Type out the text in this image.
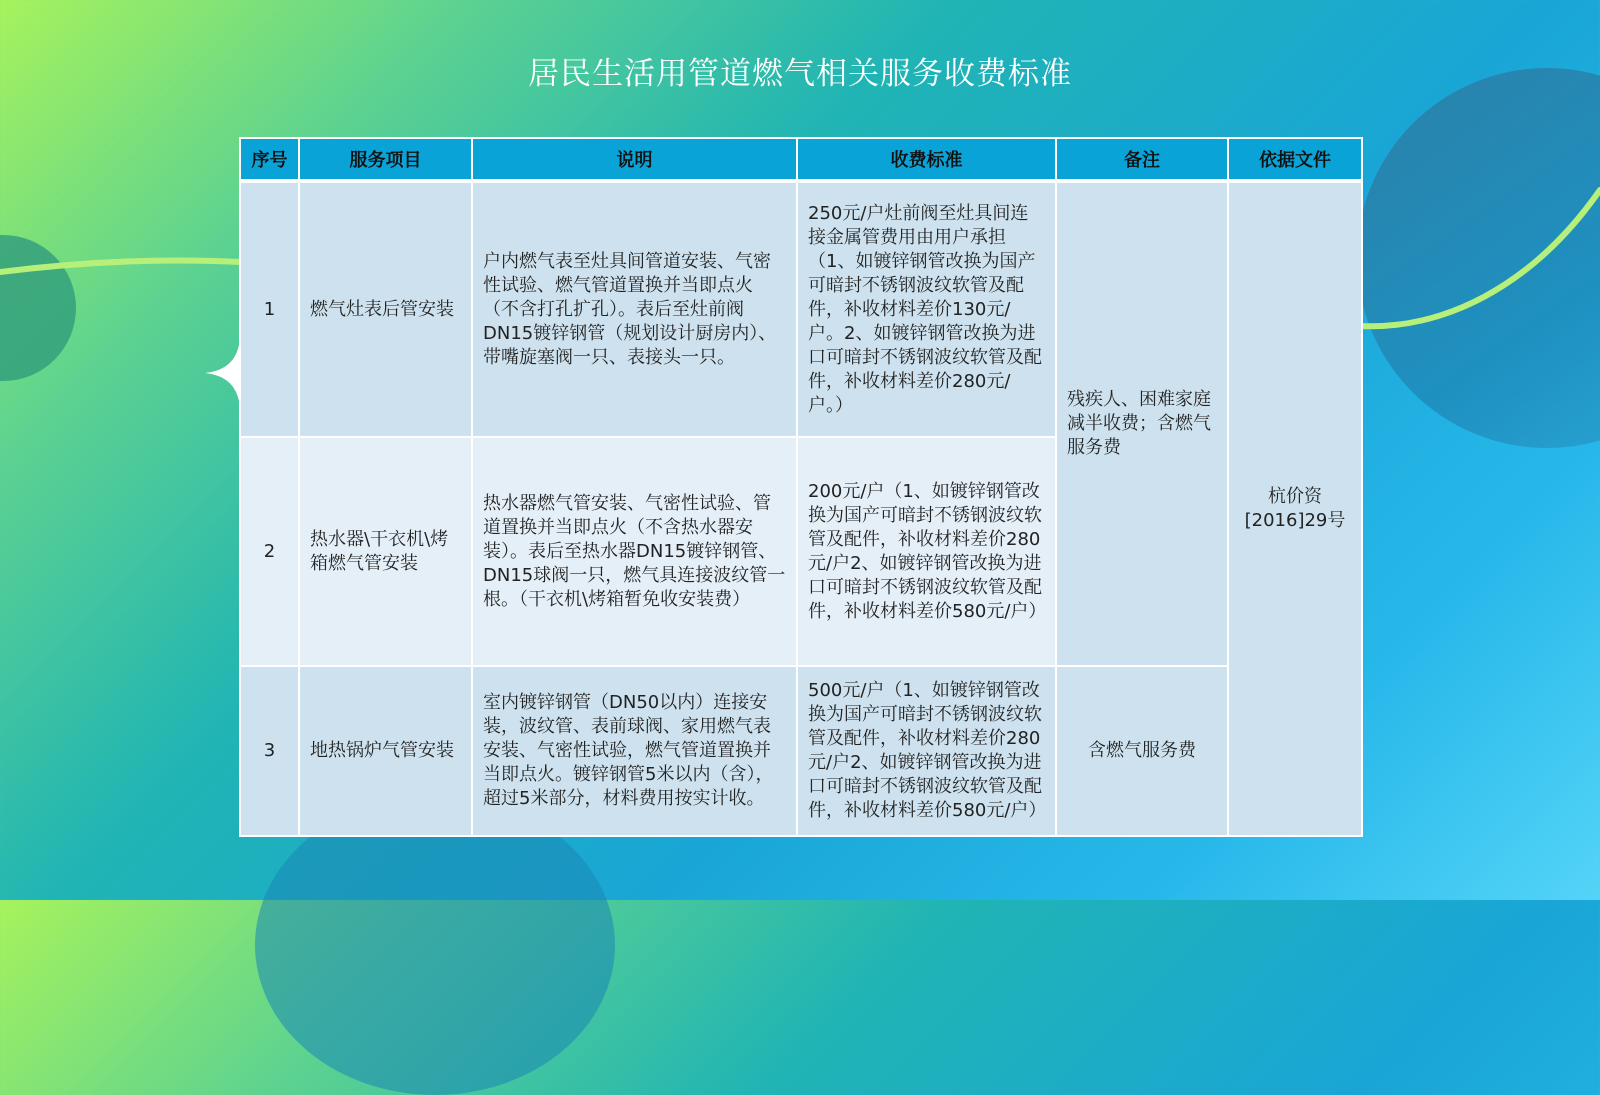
居民生活用管道燃气相关服务收费标准
序号	服务项目	说明	收费标准	备注	依据文件
1	燃气灶表后管安装	户内燃气表至灶具间管道安装、气密性试验、燃气管道置换并当即点火（不含打孔扩孔）。表后至灶前阀DN15镀锌钢管（规划设计厨房内）、带嘴旋塞阀一只、表接头一只。	250元/户灶前阀至灶具间连接金属管费用由用户承担（1、如镀锌钢管改换为国产可暗封不锈钢波纹软管及配件，补收材料差价130元/户。2、如镀锌钢管改换为进口可暗封不锈钢波纹软管及配件，补收材料差价280元/户。）	残疾人、困难家庭减半收费；含燃气服务费	杭价资[2016]29号
2	热水器\干衣机\烤箱燃气管安装	热水器燃气管安装、气密性试验、管道置换并当即点火（不含热水器安装）。表后至热水器DN15镀锌钢管、DN15球阀一只，燃气具连接波纹管一根。（干衣机\烤箱暂免收安装费）	200元/户（1、如镀锌钢管改换为国产可暗封不锈钢波纹软管及配件，补收材料差价280元/户2、如镀锌钢管改换为进口可暗封不锈钢波纹软管及配件，补收材料差价580元/户）		
3	地热锅炉气管安装	室内镀锌钢管（DN50以内）连接安装，波纹管、表前球阀、家用燃气表安装、气密性试验，燃气管道置换并当即点火。镀锌钢管5米以内（含），超过5米部分，材料费用按实计收。	500元/户（1、如镀锌钢管改换为国产可暗封不锈钢波纹软管及配件，补收材料差价280元/户2、如镀锌钢管改换为进口可暗封不锈钢波纹软管及配件，补收材料差价580元/户）	含燃气服务费	
